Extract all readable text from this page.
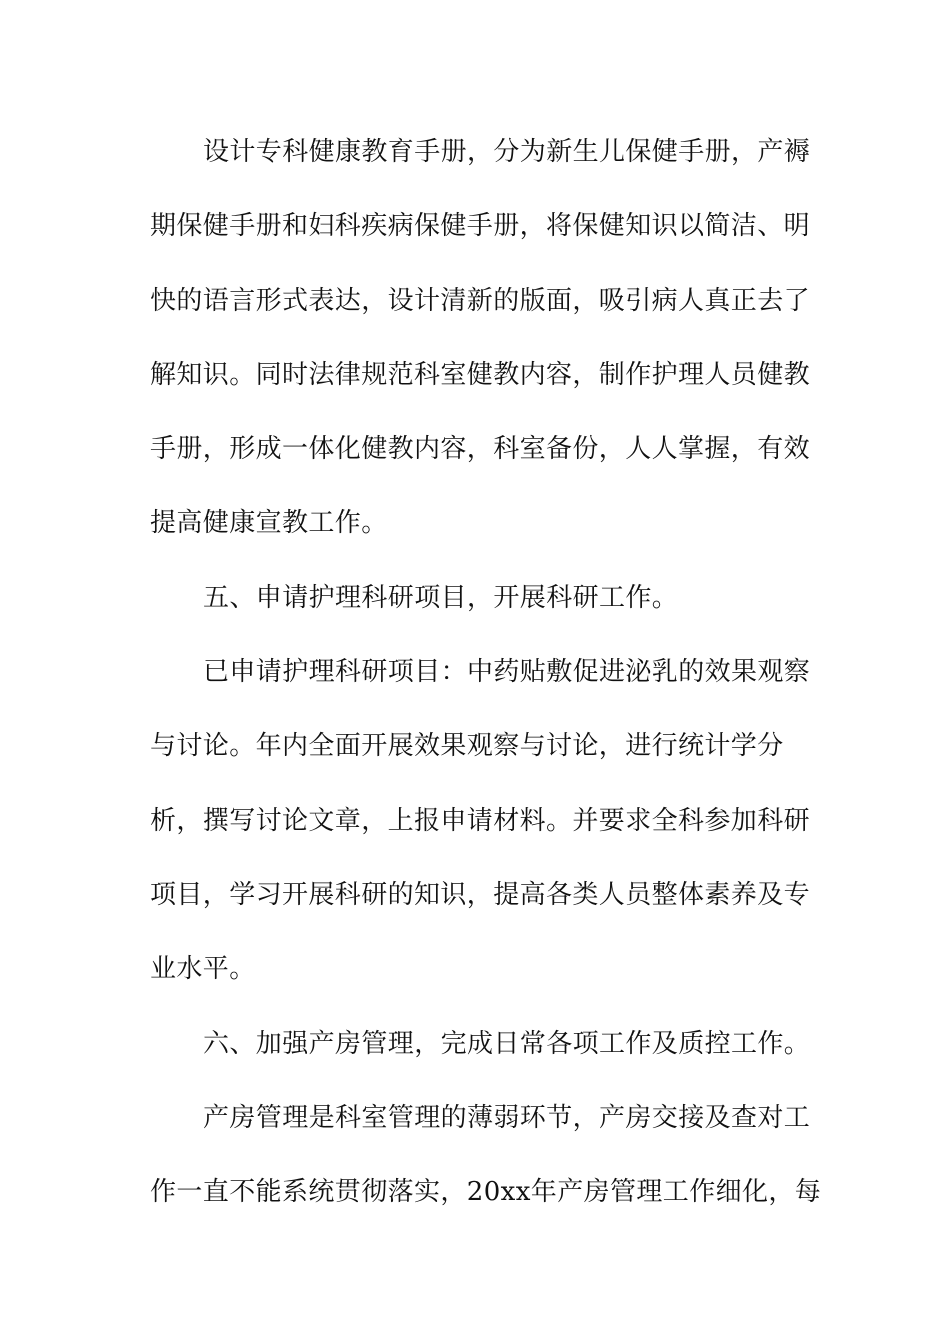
设计专科健康教育手册，分为新生儿保健手册，产褥
期保健手册和妇科疾病保健手册，将保健知识以简洁、明
快的语言形式表达，设计清新的版面，吸引病人真正去了
解知识。同时法律规范科室健教内容，制作护理人员健教
手册，形成一体化健教内容，科室备份，人人掌握，有效
提高健康宣教工作。
五、申请护理科研项目，开展科研工作。
已申请护理科研项目：中药贴敷促进泌乳的效果观察
与讨论。年内全面开展效果观察与讨论，进行统计学分
析，撰写讨论文章，上报申请材料。并要求全科参加科研
项目，学习开展科研的知识，提高各类人员整体素养及专
业水平。
六、加强产房管理，完成日常各项工作及质控工作。
产房管理是科室管理的薄弱环节，产房交接及查对工
作一直不能系统贯彻落实，20xx年产房管理工作细化，每
